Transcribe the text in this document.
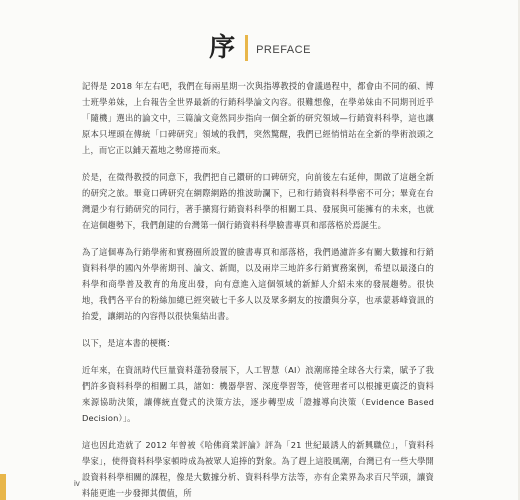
序 PREFACE

記得是 2018 年左右吧，我們在每兩星期一次與指導教授的會議過程中，都會由不同的碩、博士班學弟妹，上台報告全世界最新的行銷科學論文內容。很難想像，在學弟妹由不同期刊近乎「隨機」選出的論文中，三篇論文竟然同步指向一個全新的研究領域—行銷資料科學，這也讓原本只埋頭在傳統「口碑研究」領域的我們，突然驚醒，我們已經悄悄站在全新的學術浪頭之上，而它正以鋪天蓋地之勢席捲而來。

於是，在徵得教授的同意下，我們把自己鑽研的口碑研究，向前後左右延伸，開啟了這趟全新的研究之旅。畢竟口碑研究在網際網路的推波助瀾下，已和行銷資料科學密不可分；畢竟在台灣還少有行銷研究的同行，著手擴寫行銷資料科學的相關工具、發展與可能擁有的未來，也就在這個趨勢下，我們創建的台灣第一個行銷資料科學臉書專頁和部落格於焉誕生。

為了這個專為行銷學術和實務圈所設置的臉書專頁和部落格，我們過濾許多有關大數據和行銷資料科學的國內外學術期刊、論文、新聞，以及兩岸三地許多行銷實務案例，希望以最淺白的科學和商學普及教育的角度出發，向有意進入這個領域的新鮮人介紹未來的發展趨勢。很快地，我們各平台的粉絲加總已經突破七千多人以及眾多網友的按讚與分享，也承蒙碁峰資訊的抬愛，讓網站的內容得以很快集結出書。

以下，是這本書的梗概：

近年來，在資訊時代巨量資料蓬勃發展下，人工智慧（AI）浪潮席捲全球各大行業，賦予了我們許多資料科學的相關工具，諸如：機器學習、深度學習等，使管理者可以根據更廣泛的資料來源協助決策，讓傳統直覺式的決策方法，逐步轉型成「證據導向決策（Evidence Based Decision）」。

這也因此造就了 2012 年曾被《哈佛商業評論》評為「21 世紀最誘人的新興職位」，「資料科學家」，使得資料科學家頓時成為被眾人追捧的對象。為了趕上這股風潮，台灣已有一些大學開設資料科學相關的課程，像是大數據分析、資料科學方法等，亦有企業界為求百尺竿頭，讓資料能更進一步發揮其價值，所

iv
